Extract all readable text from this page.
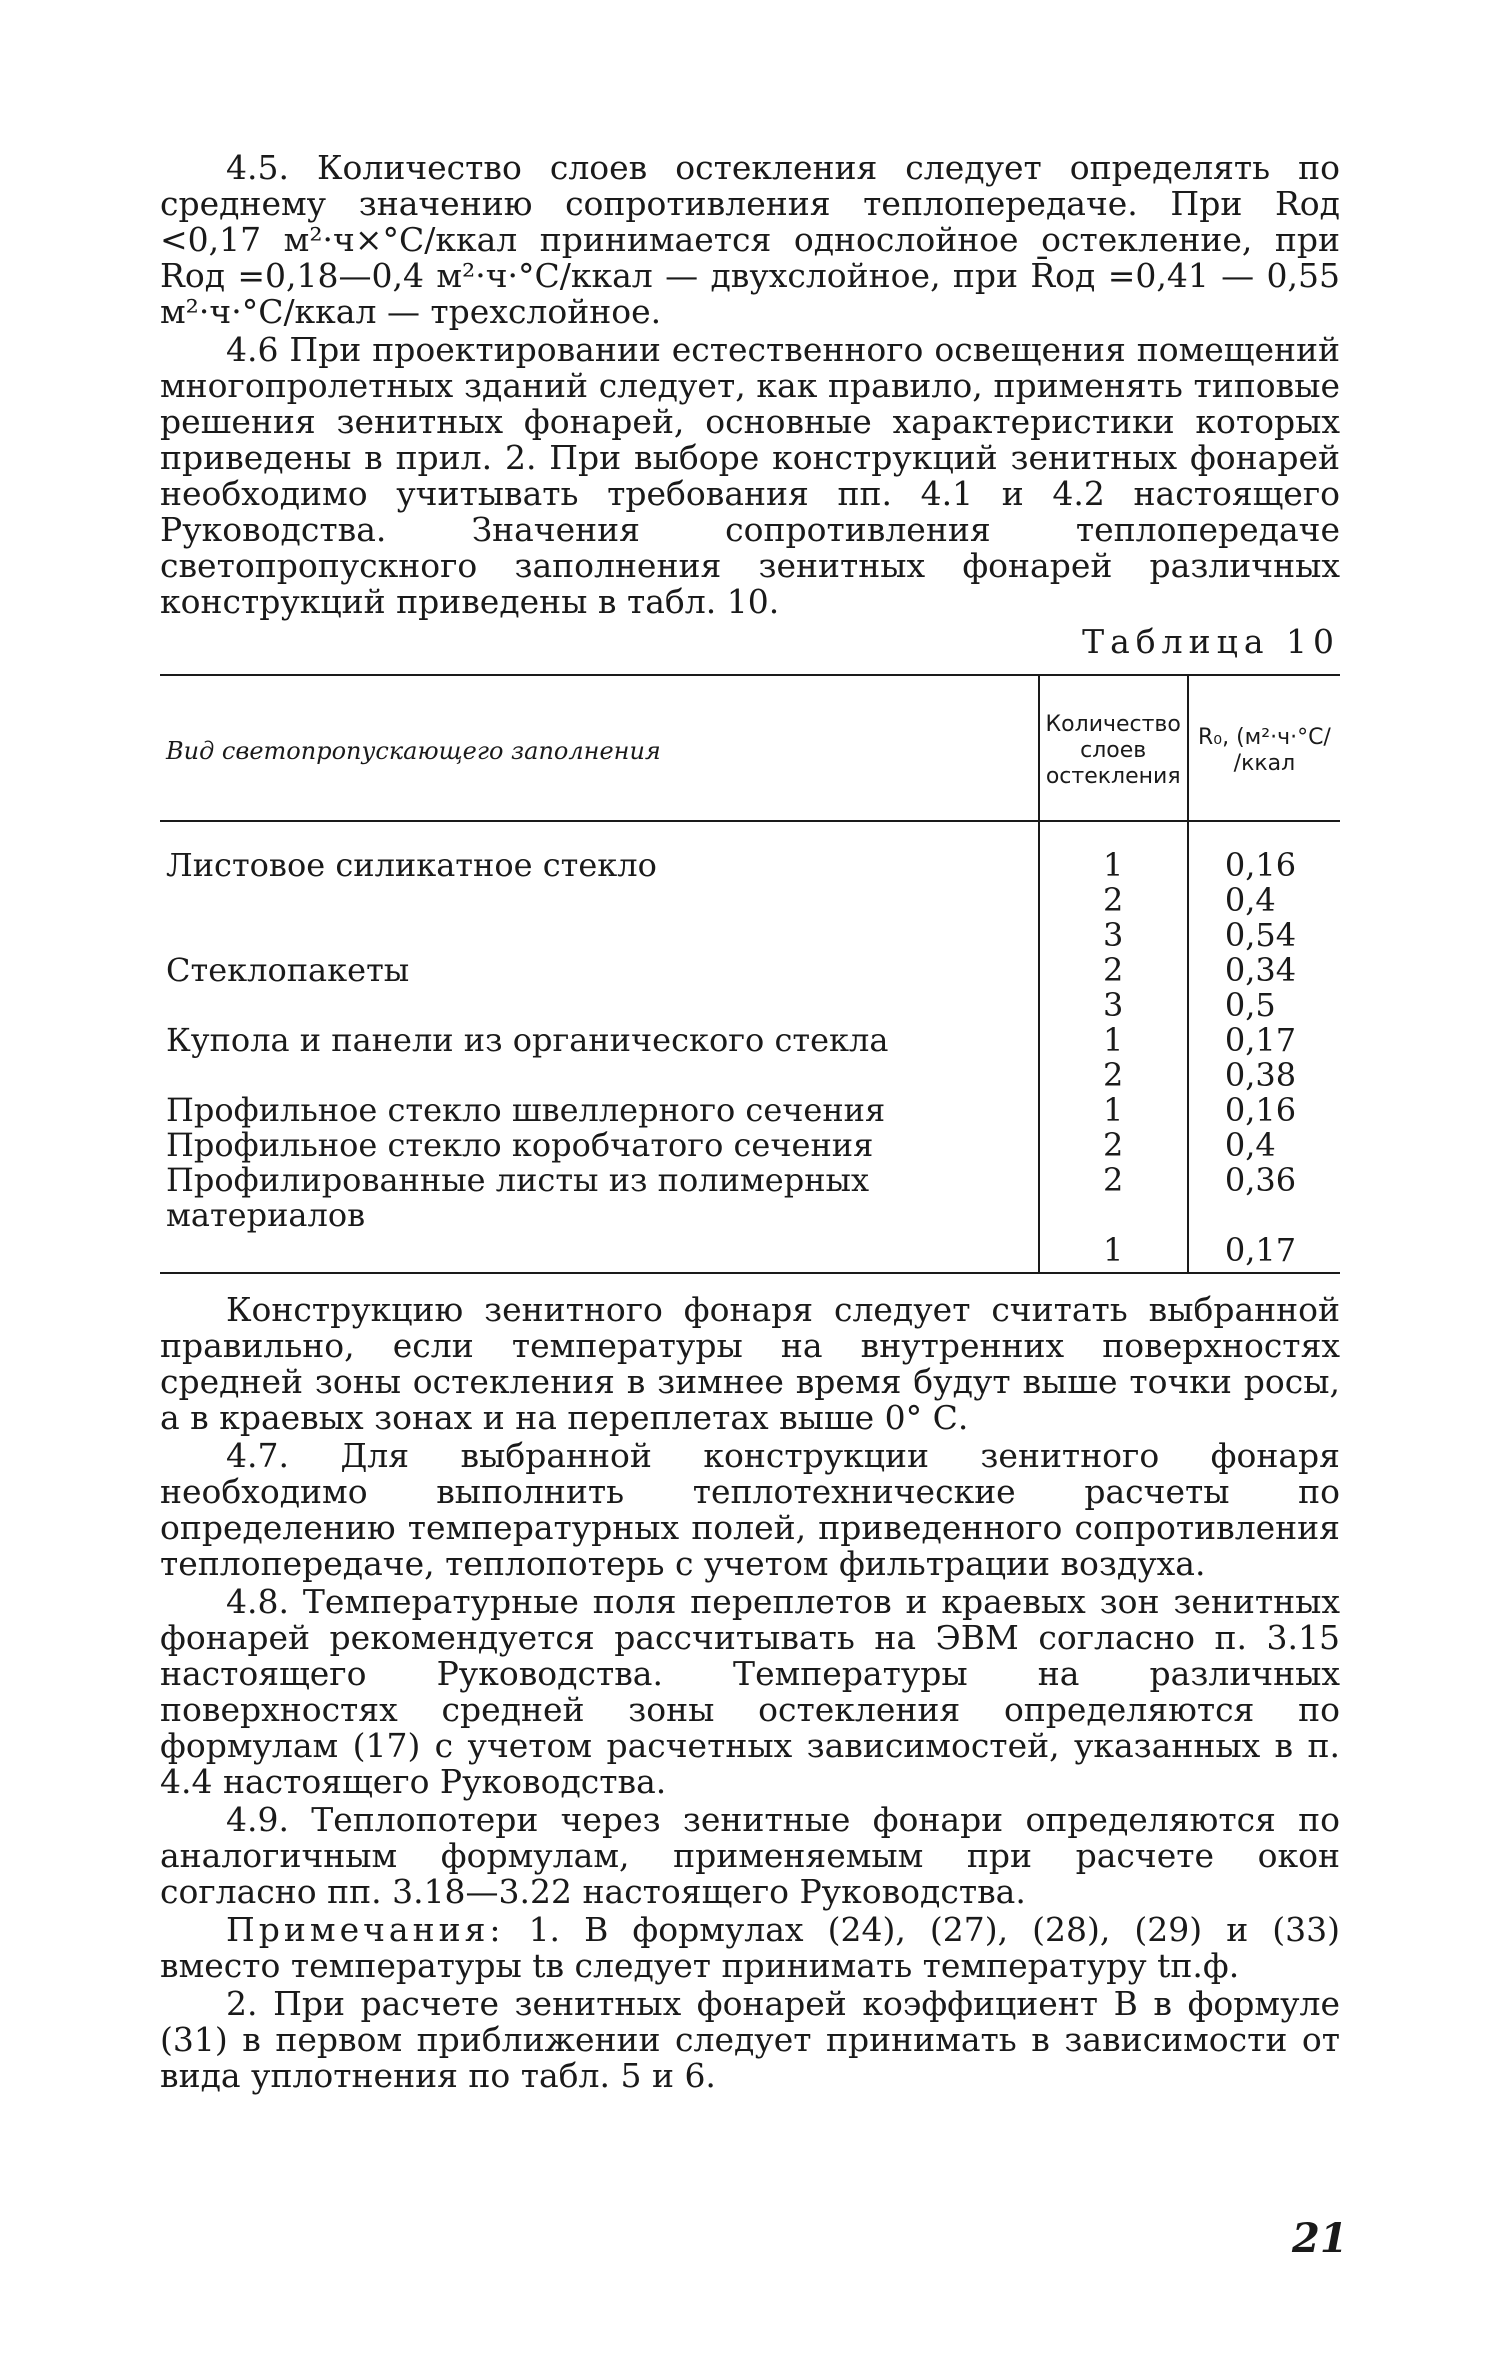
4.5. Количество слоев остекления следует определять по среднему значению сопротивления теплопередаче. При Rод <0,17 м²·ч×°С/ккал принимается однослойное остекление, при Rод =0,18—0,4 м²·ч·°С/ккал — двухслойное, при R̄од =0,41 — 0,55 м²·ч·°С/ккал — трехслойное.

4.6 При проектировании естественного освещения помещений многопролетных зданий следует, как правило, применять типовые решения зенитных фонарей, основные характеристики которых приведены в прил. 2. При выборе конструкций зенитных фонарей необходимо учитывать требования пп. 4.1 и 4.2 настоящего Руководства. Значения сопротивления теплопередаче светопропускного заполнения зенитных фонарей различных конструкций приведены в табл. 10.

Таблица 10
Вид светопропускающего заполнения	Количество слоев остекления	R₀, (м²·ч·°С/ /ккал
Листовое силикатное стекло	1	0,16
	2	0,4
	3	0,54
Стеклопакеты	2	0,34
	3	0,5
Купола и панели из органического стекла	1	0,17
	2	0,38
Профильное стекло швеллерного сечения	1	0,16
Профильное стекло коробчатого сечения	2	0,4
Профилированные листы из полимерных материалов	2	0,36
	1	0,17

Конструкцию зенитного фонаря следует считать выбранной правильно, если температуры на внутренних поверхностях средней зоны остекления в зимнее время будут выше точки росы, а в краевых зонах и на переплетах выше 0° С.

4.7. Для выбранной конструкции зенитного фонаря необходимо выполнить теплотехнические расчеты по определению температурных полей, приведенного сопротивления теплопередаче, теплопотерь с учетом фильтрации воздуха.

4.8. Температурные поля переплетов и краевых зон зенитных фонарей рекомендуется рассчитывать на ЭВМ согласно п. 3.15 настоящего Руководства. Температуры на различных поверхностях средней зоны остекления определяются по формулам (17) с учетом расчетных зависимостей, указанных в п. 4.4 настоящего Руководства.

4.9. Теплопотери через зенитные фонари определяются по аналогичным формулам, применяемым при расчете окон согласно пп. 3.18—3.22 настоящего Руководства.

Примечания: 1. В формулах (24), (27), (28), (29) и (33) вместо температуры tв следует принимать температуру tп.ф.

2. При расчете зенитных фонарей коэффициент B в формуле (31) в первом приближении следует принимать в зависимости от вида уплотнения по табл. 5 и 6.

21
